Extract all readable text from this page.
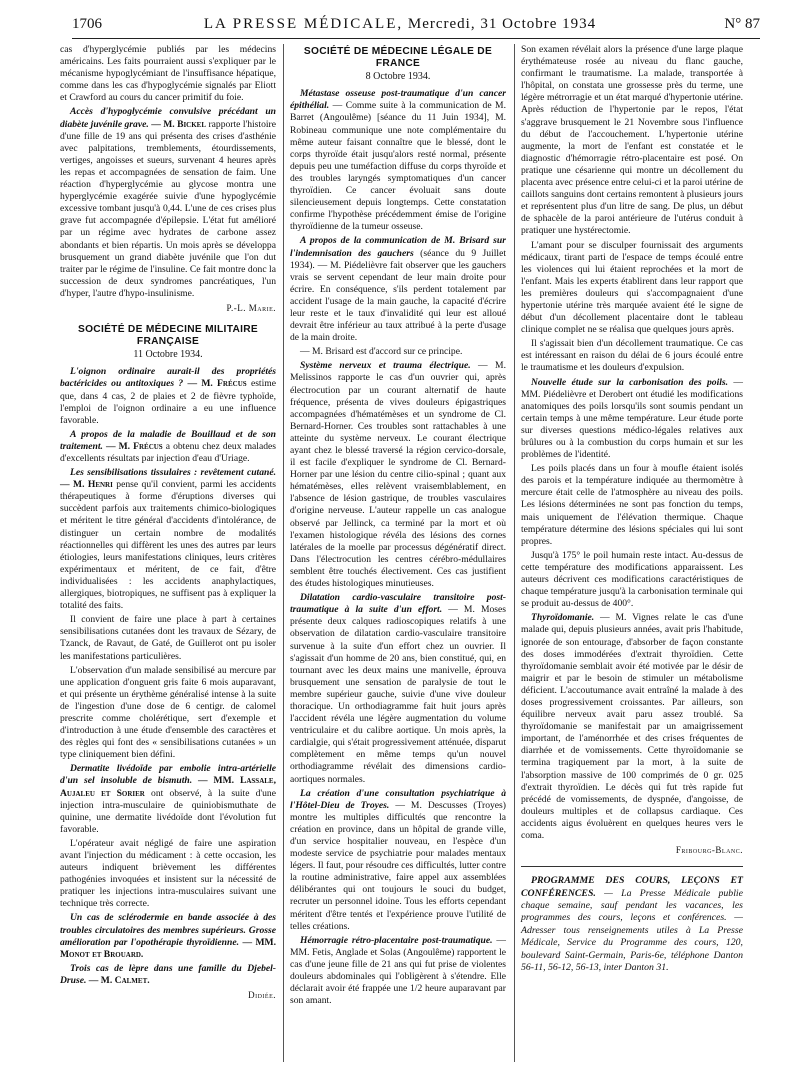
1706	LA PRESSE MÉDICALE, Mercredi, 31 Octobre 1934	N° 87

cas d'hyperglycémie publiés par les médecins américains. Les faits pourraient aussi s'expliquer par le mécanisme hypoglycémiant de l'insuffisance hépatique, comme dans les cas d'hypoglycémie signalés par Eliott et Crawford au cours du cancer primitif du foie.

Accès d'hypoglycémie convulsive précédant un diabète juvénile grave. — M. Bickel rapporte l'histoire d'une fille de 19 ans qui présenta des crises d'asthénie avec palpitations, tremblements, étourdissements, vertiges, angoisses et sueurs, survenant 4 heures après les repas et accompagnées de sensation de faim. Une réaction d'hyperglycémie au glycose montra une hyperglycémie exagérée suivie d'une hypoglycémie excessive tombant jusqu'à 0,44. L'une de ces crises plus grave fut accompagnée d'épilepsie. L'état fut amélioré par un régime avec hydrates de carbone assez abondants et bien répartis. Un mois après se développa brusquement un grand diabète juvénile que l'on dut traiter par le régime de l'insuline. Ce fait montre donc la succession de deux syndromes pancréatiques, l'un d'hyper, l'autre d'hypo-insulinisme.

P.-L. Marie.

SOCIÉTÉ DE MÉDECINE MILITAIRE FRANÇAISE
11 Octobre 1934.

L'oignon ordinaire aurait-il des propriétés bactéricides ou antitoxiques ? — M. Frécus estime que, dans 4 cas, 2 de plaies et 2 de fièvre typhoïde, l'emploi de l'oignon ordinaire a eu une influence favorable.

A propos de la maladie de Bouillaud et de son traitement. — M. Frécus a obtenu chez deux malades d'excellents résultats par injection d'eau d'Uriage.

Les sensibilisations tissulaires : revêtement cutané. — M. Henri pense qu'il convient, parmi les accidents thérapeutiques à forme d'éruptions diverses qui succèdent parfois aux traitements chimico-biologiques et méritent le titre général d'accidents d'intolérance, de distinguer un certain nombre de modalités réactionnelles qui diffèrent les unes des autres par leurs étiologies, leurs manifestations cliniques, leurs critères expérimentaux et méritent, de ce fait, d'être individualisées : les accidents anaphylactiques, allergiques, biotropiques, ne suffisent pas à expliquer la totalité des faits.

Il convient de faire une place à part à certaines sensibilisations cutanées dont les travaux de Sézary, de Tzanck, de Ravaut, de Gaté, de Guillerot ont pu isoler les manifestations particulières.

L'observation d'un malade sensibilisé au mercure par une application d'onguent gris faite 6 mois auparavant, et qui présente un érythème généralisé intense à la suite de l'ingestion d'une dose de 6 centigr. de calomel prescrite comme cholérétique, sert d'exemple et d'introduction à une étude d'ensemble des caractères et des règles qui font des « sensibilisations cutanées » un type cliniquement bien défini.

Dermatite livédoïde par embolie intra-artérielle d'un sel insoluble de bismuth. — MM. Lassale, Aujaleu et Sorier ont observé, à la suite d'une injection intra-musculaire de quiniobismuthate de quinine, une dermatite livédoïde dont l'évolution fut favorable.

L'opérateur avait négligé de faire une aspiration avant l'injection du médicament : à cette occasion, les auteurs indiquent brièvement les différentes pathogénies invoquées et insistent sur la nécessité de pratiquer les injections intra-musculaires suivant une technique très correcte.

Un cas de sclérodermie en bande associée à des troubles circulatoires des membres supérieurs. Grosse amélioration par l'opothérapie thyroïdienne. — MM. Monot et Brouard.

Trois cas de lèpre dans une famille du Djebel-Druse. — M. Calmet.

Didiée.

SOCIÉTÉ DE MÉDECINE LÉGALE DE FRANCE
8 Octobre 1934.

Métastase osseuse post-traumatique d'un cancer épithélial. — Comme suite à la communication de M. Barret (Angoulême) [séance du 11 Juin 1934], M. Robineau communique une note complémentaire du même auteur faisant connaître que le blessé, dont le corps thyroïde était jusqu'alors resté normal, présente depuis peu une tuméfaction diffuse du corps thyroïde et des troubles laryngés symptomatiques d'un cancer thyroïdien. Ce cancer évoluait sans doute silencieusement depuis longtemps. Cette constatation confirme l'hypothèse précédemment émise de l'origine thyroïdienne de la tumeur osseuse.

A propos de la communication de M. Brisard sur l'indemnisation des gauchers (séance du 9 Juillet 1934). — M. Piédelièvre fait observer que les gauchers vrais se servent cependant de leur main droite pour écrire. En conséquence, s'ils perdent totalement par accident l'usage de la main gauche, la capacité d'écrire leur reste et le taux d'invalidité qui leur est alloué devrait être inférieur au taux attribué à la perte d'usage de la main droite.

— M. Brisard est d'accord sur ce principe.

Système nerveux et trauma électrique. — M. Melissinos rapporte le cas d'un ouvrier qui, après électrocution par un courant alternatif de haute fréquence, présenta de vives douleurs épigastriques accompagnées d'hématémèses et un syndrome de Cl. Bernard-Horner. Ces troubles sont rattachables à une atteinte du système nerveux. Le courant électrique ayant chez le blessé traversé la région cervico-dorsale, il est facile d'expliquer le syndrome de Cl. Bernard-Horner par une lésion du centre cilio-spinal ; quant aux hématémèses, elles relèvent vraisemblablement, en l'absence de lésion gastrique, de troubles vasculaires d'origine nerveuse. L'auteur rappelle un cas analogue observé par Jellinck, ca terminé par la mort et où l'examen histologique révéla des lésions des cornes latérales de la moelle par processus dégénératif direct. Dans l'électrocution les centres cérébro-médullaires semblent être touchés électivement. Ces cas justifient des études histologiques minutieuses.

Dilatation cardio-vasculaire transitoire post-traumatique à la suite d'un effort. — M. Moses présente deux calques radioscopiques relatifs à une observation de dilatation cardio-vasculaire transitoire survenue à la suite d'un effort chez un ouvrier. Il s'agissait d'un homme de 20 ans, bien constitué, qui, en tournant avec les deux mains une manivelle, éprouva brusquement une sensation de paralysie de tout le membre supérieur gauche, suivie d'une vive douleur thoracique. Un orthodiagramme fait huit jours après l'accident révéla une légère augmentation du volume ventriculaire et du calibre aortique. Un mois après, la cardialgie, qui s'était progressivement atténuée, disparut complètement en même temps qu'un nouvel orthodiagramme révélait des dimensions cardio-aortiques normales.

La création d'une consultation psychiatrique à l'Hôtel-Dieu de Troyes. — M. Descusses (Troyes) montre les multiples difficultés que rencontre la création en province, dans un hôpital de grande ville, d'un service hospitalier nouveau, en l'espèce d'un modeste service de psychiatrie pour malades mentaux légers. Il faut, pour résoudre ces difficultés, lutter contre la routine administrative, faire appel aux assemblées délibérantes qui ont toujours le souci du budget, recruter un personnel idoine. Tous les efforts cependant méritent d'être tentés et l'expérience prouve l'utilité de telles créations.

Hémorragie rétro-placentaire post-traumatique. — MM. Fetis, Anglade et Solas (Angoulême) rapportent le cas d'une jeune fille de 21 ans qui fut prise de violentes douleurs abdominales qui l'obligèrent à s'étendre. Elle déclarait avoir été frappée une 1/2 heure auparavant par son amant.

Son examen révélait alors la présence d'une large plaque érythémateuse rosée au niveau du flanc gauche, confirmant le traumatisme. La malade, transportée à l'hôpital, on constata une grossesse près du terme, une légère métrorragie et un état marqué d'hypertonie utérine. Après réduction de l'hypertonie par le repos, l'état s'aggrave brusquement le 21 Novembre sous l'influence du début de l'accouchement. L'hypertonie utérine augmente, la mort de l'enfant est constatée et le diagnostic d'hémorragie rétro-placentaire est posé. On pratique une césarienne qui montre un décollement du placenta avec présence entre celui-ci et la paroi utérine de caillots sanguins dont certains remontent à plusieurs jours et représentent plus d'un litre de sang. De plus, un début de sphacèle de la paroi antérieure de l'utérus conduit à pratiquer une hystérectomie.

L'amant pour se disculper fournissait des arguments médicaux, tirant parti de l'espace de temps écoulé entre les violences qui lui étaient reprochées et la mort de l'enfant. Mais les experts établirent dans leur rapport que les premières douleurs qui s'accompagnaient d'une hypertonie utérine très marquée avaient été le signe de début d'un décollement placentaire dont le tableau clinique complet ne se réalisa que quelques jours après.

Il s'agissait bien d'un décollement traumatique. Ce cas est intéressant en raison du délai de 6 jours écoulé entre le traumatisme et les douleurs d'expulsion.

Nouvelle étude sur la carbonisation des poils. — MM. Piédelièvre et Derobert ont étudié les modifications anatomiques des poils lorsqu'ils sont soumis pendant un certain temps à une même température. Leur étude porte sur diverses questions médico-légales relatives aux brûlures ou à la combustion du corps humain et sur les problèmes de l'identité.

Les poils placés dans un four à moufle étaient isolés des parois et la température indiquée au thermomètre à mercure était celle de l'atmosphère au niveau des poils. Les lésions déterminées ne sont pas fonction du temps, mais uniquement de l'élévation thermique. Chaque température détermine des lésions spéciales qui lui sont propres.

Jusqu'à 175° le poil humain reste intact. Au-dessus de cette température des modifications apparaissent. Les auteurs décrivent ces modifications caractéristiques de chaque température jusqu'à la carbonisation terminale qui se produit au-dessus de 400°.

Thyroïdomanie. — M. Vignes relate le cas d'une malade qui, depuis plusieurs années, avait pris l'habitude, ignorée de son entourage, d'absorber de façon constante des doses immodérées d'extrait thyroïdien. Cette thyroïdomanie semblait avoir été motivée par le désir de maigrir et par le besoin de stimuler un métabolisme déficient. L'accoutumance avait entraîné la malade à des doses progressivement croissantes. Par ailleurs, son équilibre nerveux avait paru assez troublé. Sa thyroïdomanie se manifestait par un amaigrissement important, de l'aménorrhée et des crises fréquentes de diarrhée et de vomissements. Cette thyroïdomanie se termina tragiquement par la mort, à la suite de l'absorption massive de 100 comprimés de 0 gr. 025 d'extrait thyroïdien. Le décès qui fut très rapide fut précédé de vomissements, de dyspnée, d'angoisse, de douleurs multiples et de collapsus cardiaque. Ces accidents aigus évoluèrent en quelques heures vers le coma.

Fribourg-Blanc.

PROGRAMME DES COURS, LEÇONS ET CONFÉRENCES. — La Presse Médicale publie chaque semaine, sauf pendant les vacances, les programmes des cours, leçons et conférences. — Adresser tous renseignements utiles à La Presse Médicale, Service du Programme des cours, 120, boulevard Saint-Germain, Paris-6e, téléphone Danton 56-11, 56-12, 56-13, inter Danton 31.
